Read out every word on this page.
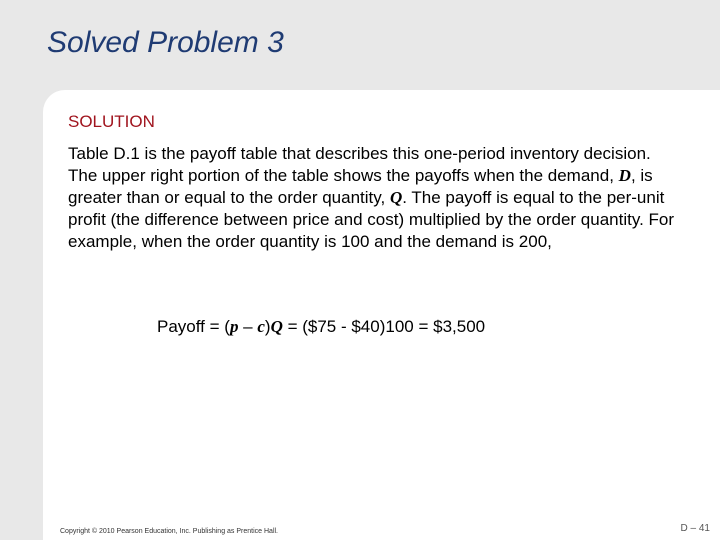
Solved Problem 3
SOLUTION
Table D.1 is the payoff table that describes this one-period inventory decision. The upper right portion of the table shows the payoffs when the demand, D, is greater than or equal to the order quantity, Q. The payoff is equal to the per-unit profit (the difference between price and cost) multiplied by the order quantity. For example, when the order quantity is 100 and the demand is 200,
Payoff = (p – c)Q = ($75 - $40)100 = $3,500
Copyright © 2010 Pearson Education, Inc. Publishing as Prentice Hall.	D – 41
